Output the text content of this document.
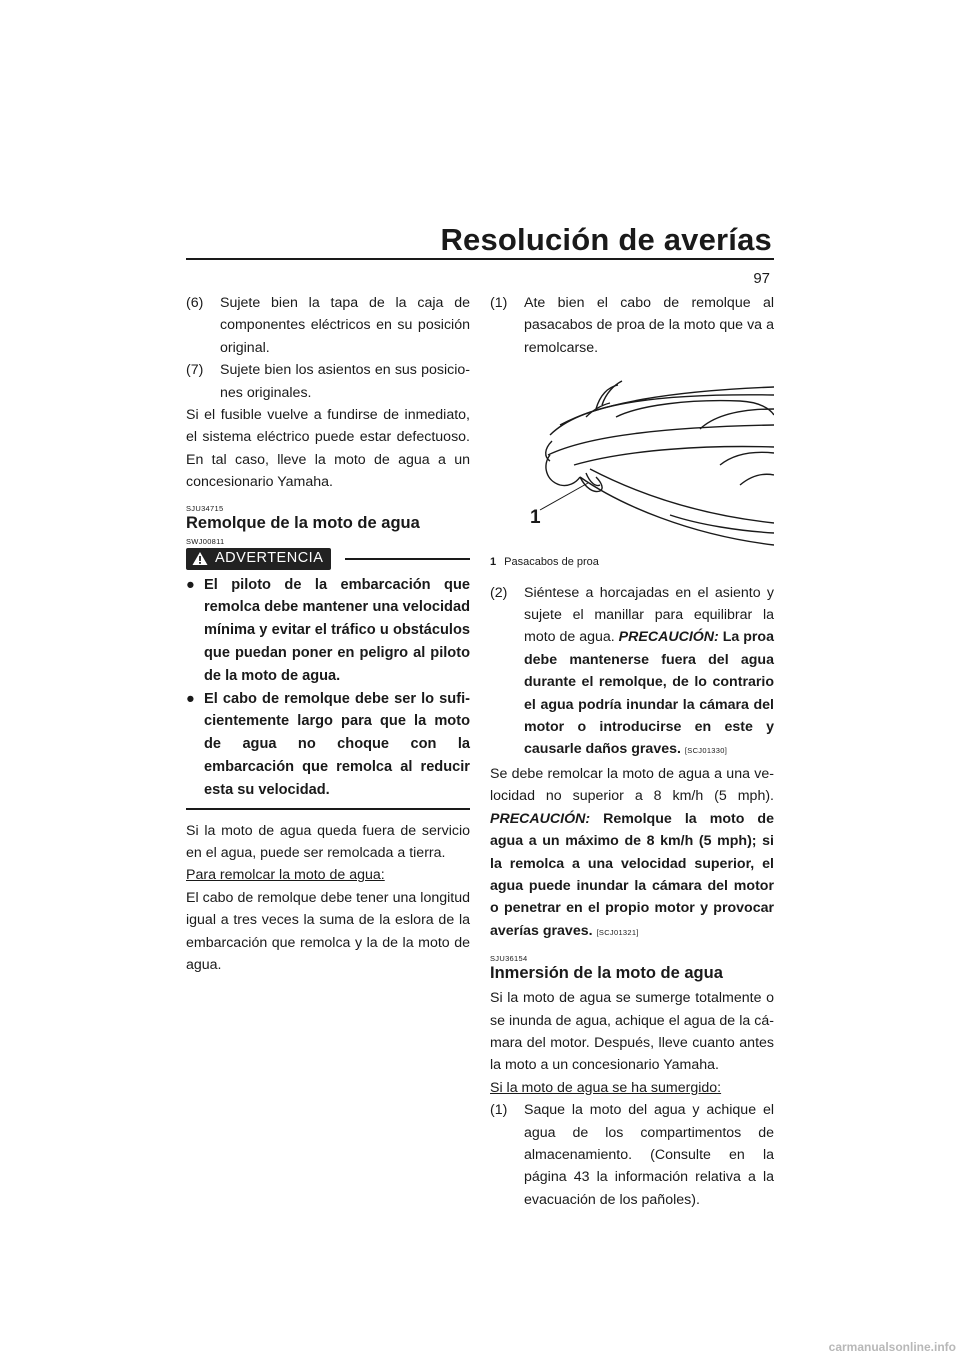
Resolución de averías
97
(6)	Sujete bien la tapa de la caja de componentes eléctricos en su posición original.
(7)	Sujete bien los asientos en sus posiciones originales.

Si el fusible vuelve a fundirse de inmediato, el sistema eléctrico puede estar defectuoso. En tal caso, lleve la moto de agua a un concesionario Yamaha.

SJU34715
Remolque de la moto de agua
SWJ00811
ADVERTENCIA
● El piloto de la embarcación que remolca debe mantener una velocidad mínima y evitar el tráfico u obstáculos que puedan poner en peligro al piloto de la moto de agua.
● El cabo de remolque debe ser lo suficientemente largo para que la moto de agua no choque con la embarcación que remolca al reducir esta su velocidad.

Si la moto de agua queda fuera de servicio en el agua, puede ser remolcada a tierra.

Para remolcar la moto de agua:

El cabo de remolque debe tener una longitud igual a tres veces la suma de la eslora de la embarcación que remolca y la de la moto de agua.

(1)	Ate bien el cabo de remolque al pasacabos de proa de la moto que va a remolcarse.
1
1 Pasacabos de proa
(2)	Siéntese a horcajadas en el asiento y sujete el manillar para equilibrar la moto de agua. PRECAUCIÓN: La proa debe mantenerse fuera del agua durante el remolque, de lo contrario el agua podría inundar la cámara del motor o introducirse en este y causarle daños graves. [SCJ01330]

Se debe remolcar la moto de agua a una velocidad no superior a 8 km/h (5 mph). PRECAUCIÓN: Remolque la moto de agua a un máximo de 8 km/h (5 mph); si la remolca a una velocidad superior, el agua puede inundar la cámara del motor o penetrar en el propio motor y provocar averías graves. [SCJ01321]

SJU36154
Inmersión de la moto de agua

Si la moto de agua se sumerge totalmente o se inunda de agua, achique el agua de la cámara del motor. Después, lleve cuanto antes la moto a un concesionario Yamaha.

Si la moto de agua se ha sumergido:

(1)	Saque la moto del agua y achique el agua de los compartimentos de almacenamiento. (Consulte en la página 43 la información relativa a la evacuación de los pañoles).
carmanualsonline.info
